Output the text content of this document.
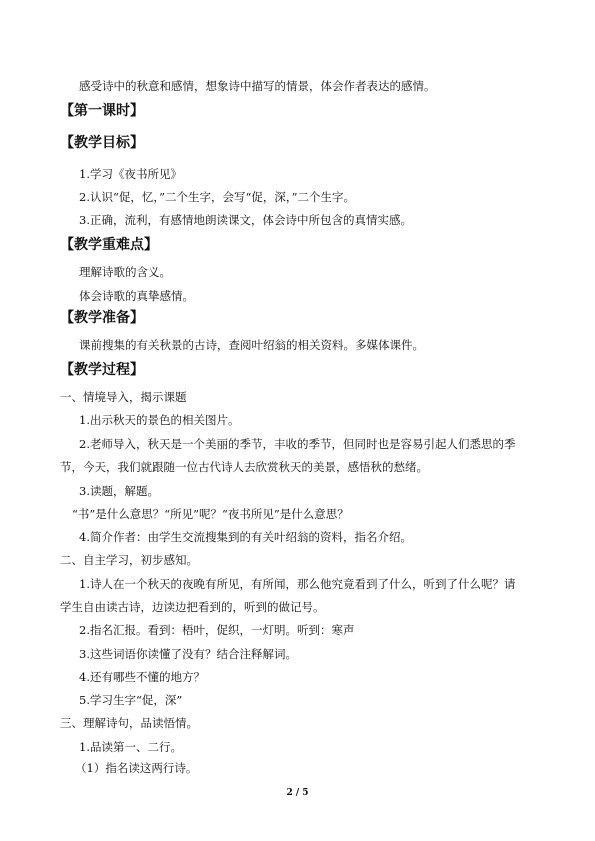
感受诗中的秋意和感情，想象诗中描写的情景，体会作者表达的感情。
【第一课时】
【教学目标】
1.学习《夜书所见》
2.认识“促，忆，”二个生字，会写“促，深，”二个生字。
3.正确，流利，有感情地朗读课文，体会诗中所包含的真情实感。
【教学重难点】
理解诗歌的含义。
体会诗歌的真挚感情。
【教学准备】
课前搜集的有关秋景的古诗，查阅叶绍翁的相关资料。多媒体课件。
【教学过程】
一、情境导入，揭示课题
1.出示秋天的景色的相关图片。
2.老师导入，秋天是一个美丽的季节，丰收的季节，但同时也是容易引起人们悉思的季
节，今天，我们就跟随一位古代诗人去欣赏秋天的美景，感悟秋的愁绪。
3.读题，解题。
“书”是什么意思？“所见”呢？“夜书所见”是什么意思？
4.简介作者：由学生交流搜集到的有关叶绍翁的资料，指名介绍。
二、自主学习，初步感知。
1.诗人在一个秋天的夜晚有所见，有所闻，那么他究竟看到了什么，听到了什么呢？请
学生自由读古诗，边读边把看到的，听到的做记号。
2.指名汇报。看到：梧叶，促织，一灯明。听到：寒声
3.这些词语你读懂了没有？结合注释解词。
4.还有哪些不懂的地方？
5.学习生字“促，深”
三、理解诗句，品读悟情。
1.品读第一、二行。
（1）指名读这两行诗。
2 / 5
